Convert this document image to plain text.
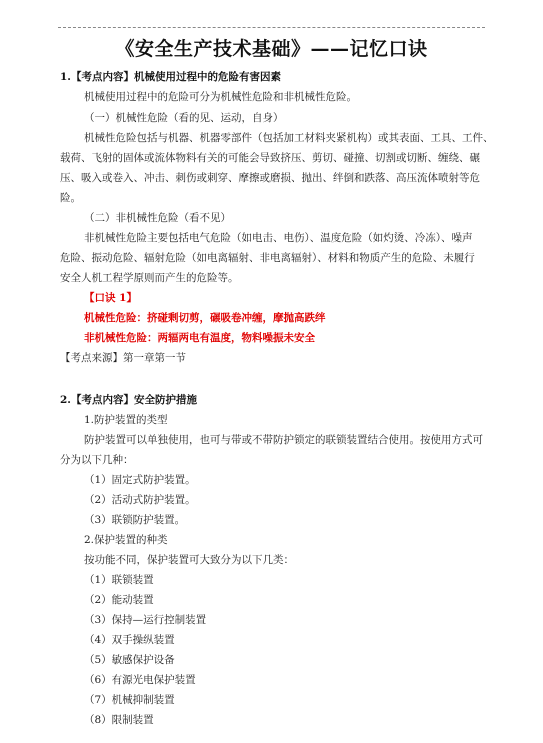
《安全生产技术基础》——记忆口诀
1.【考点内容】机械使用过程中的危险有害因素
机械使用过程中的危险可分为机械性危险和非机械性危险。
（一）机械性危险（看的见、运动，自身）
机械性危险包括与机器、机器零部件（包括加工材料夹紧机构）或其表面、工具、工件、
载荷、飞射的固体或流体物料有关的可能会导致挤压、剪切、碰撞、切割或切断、缠绕、碾
压、吸入或卷入、冲击、刺伤或刺穿、摩擦或磨损、抛出、绊倒和跌落、高压流体喷射等危
险。
（二）非机械性危险（看不见）
非机械性危险主要包括电气危险（如电击、电伤）、温度危险（如灼烫、冷冻）、噪声
危险、振动危险、辐射危险（如电离辐射、非电离辐射）、材料和物质产生的危险、未履行
安全人机工程学原则而产生的危险等。
【口诀 1】
机械性危险：挤碰剩切剪，碾吸卷冲缠，摩抛高跌绊
非机械性危险：两辐两电有温度，物料噪振未安全
【考点来源】第一章第一节
2.【考点内容】安全防护措施
1.防护装置的类型
防护装置可以单独使用，也可与带或不带防护锁定的联锁装置结合使用。按使用方式可
分为以下几种：
（1）固定式防护装置。
（2）活动式防护装置。
（3）联锁防护装置。
2.保护装置的种类
按功能不同，保护装置可大致分为以下几类：
（1）联锁装置
（2）能动装置
（3）保持—运行控制装置
（4）双手操纵装置
（5）敏感保护设备
（6）有源光电保护装置
（7）机械抑制装置
（8）限制装置
